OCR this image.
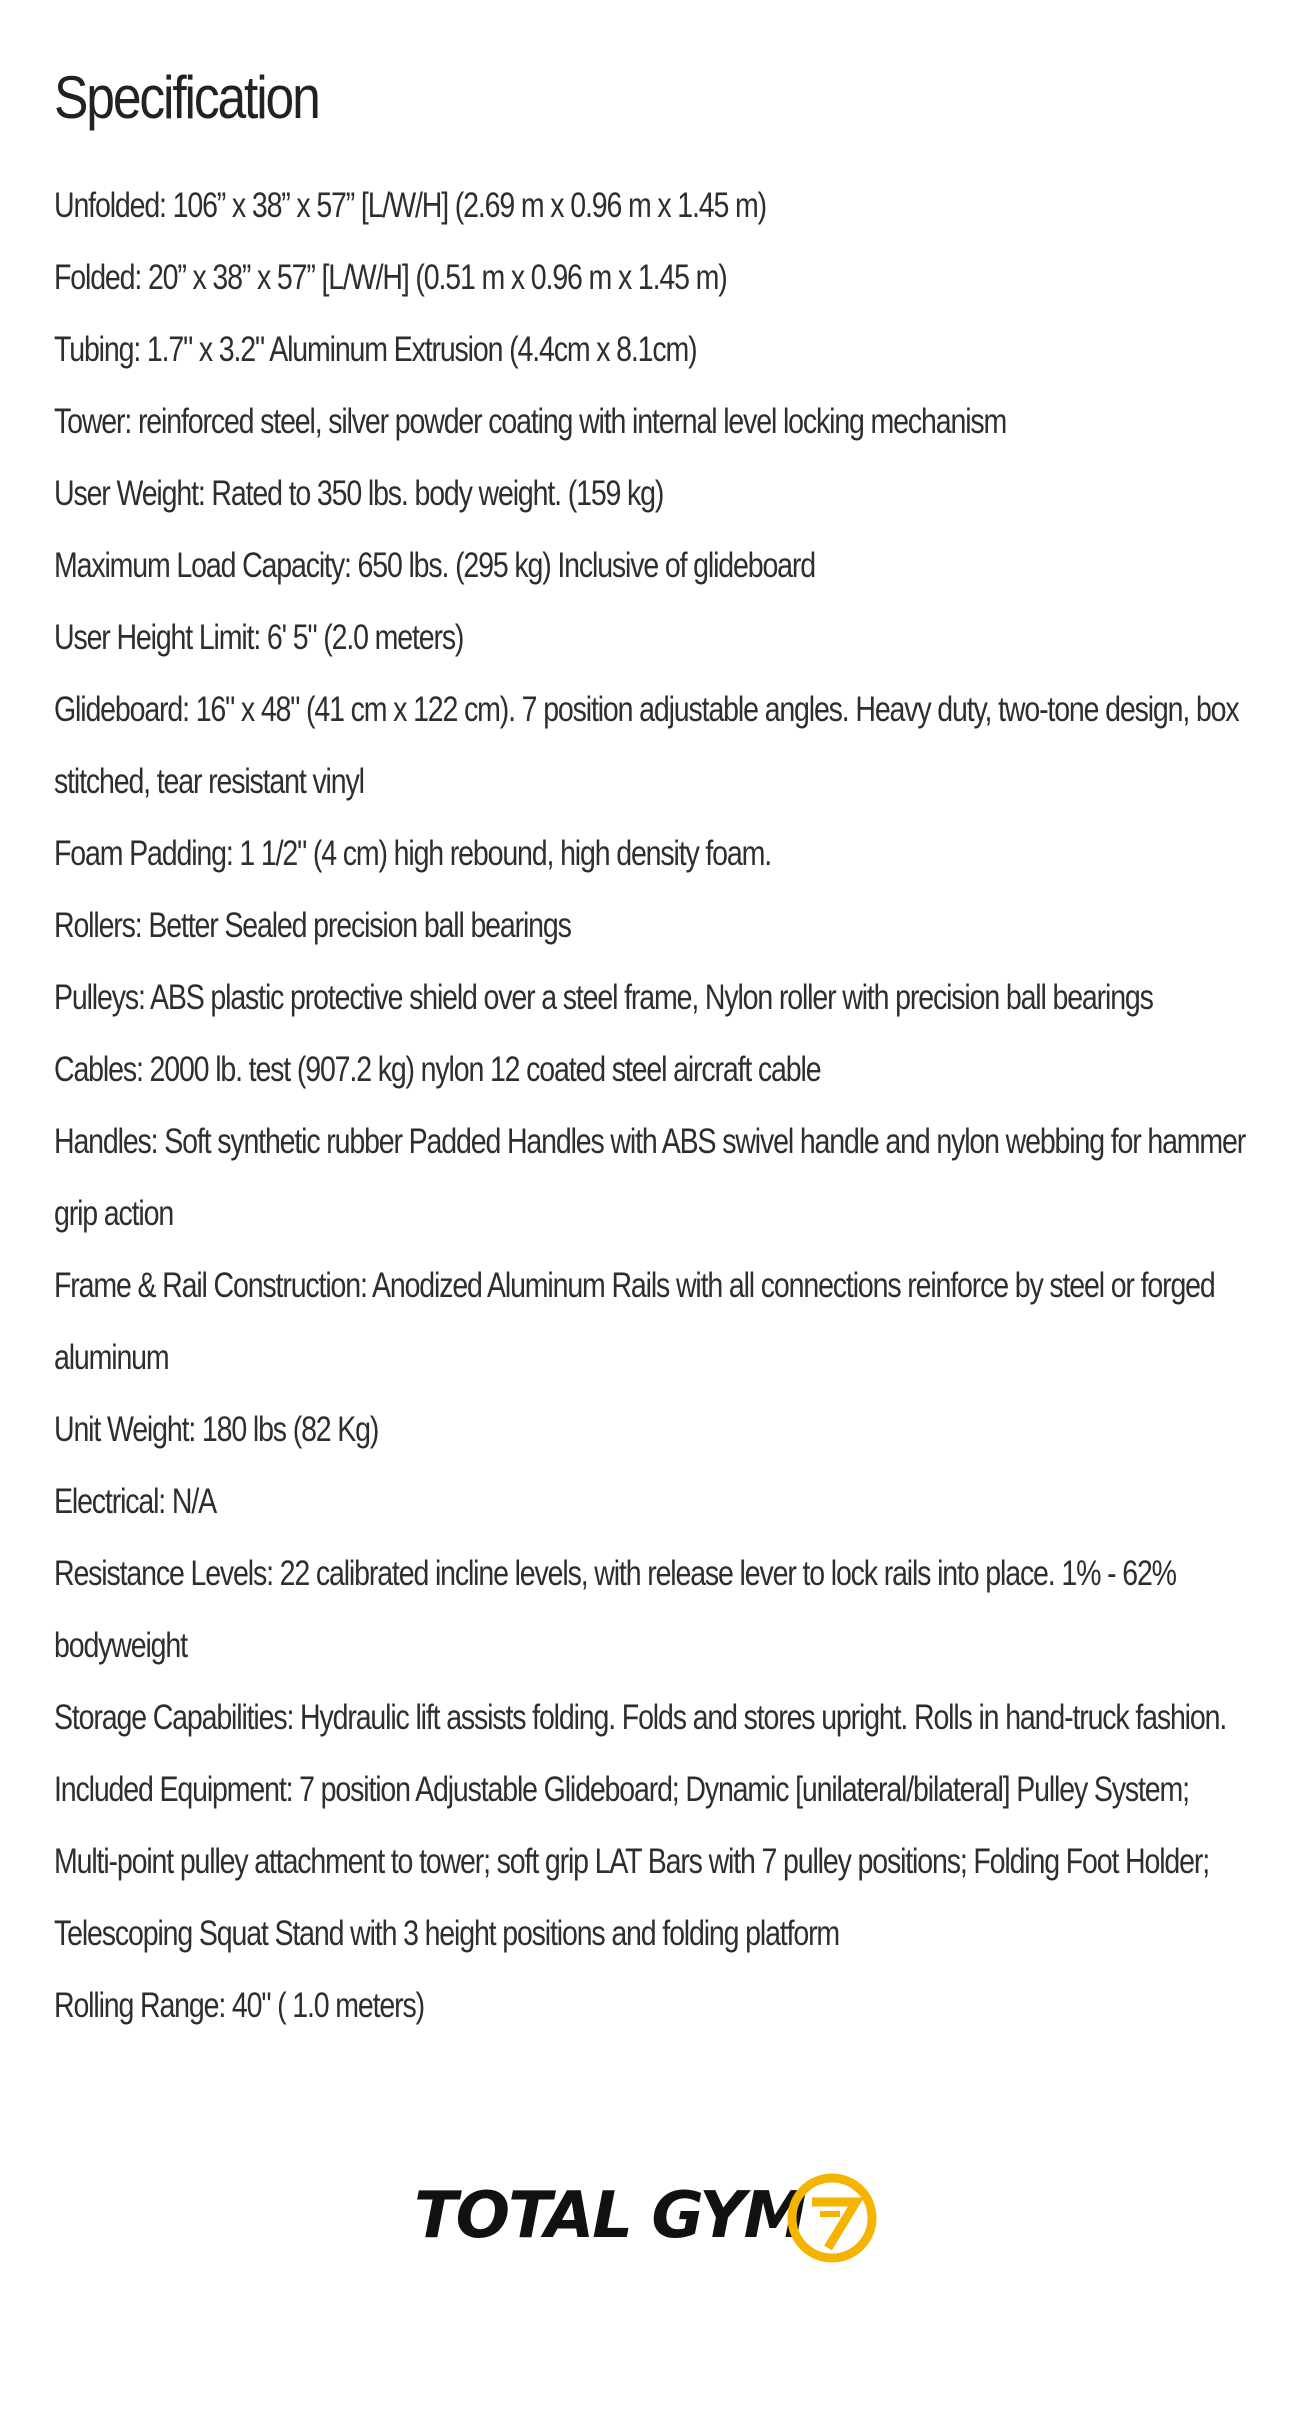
Specification
Unfolded: 106” x 38” x 57” [L/W/H] (2.69 m x 0.96 m x 1.45 m)
Folded: 20” x 38” x 57” [L/W/H] (0.51 m x 0.96 m x 1.45 m)
Tubing: 1.7" x 3.2" Aluminum Extrusion (4.4cm x 8.1cm)
Tower: reinforced steel, silver powder coating with internal level locking mechanism
User Weight: Rated to 350 lbs. body weight. (159 kg)
Maximum Load Capacity: 650 lbs. (295 kg) Inclusive of glideboard
User Height Limit: 6' 5" (2.0 meters)
Glideboard: 16" x 48" (41 cm x 122 cm). 7 position adjustable angles. Heavy duty, two-tone design, box
stitched, tear resistant vinyl
Foam Padding: 1 1/2" (4 cm) high rebound, high density foam.
Rollers: Better Sealed precision ball bearings
Pulleys: ABS plastic protective shield over a steel frame, Nylon roller with precision ball bearings
Cables: 2000 lb. test (907.2 kg) nylon 12 coated steel aircraft cable
Handles: Soft synthetic rubber Padded Handles with ABS swivel handle and nylon webbing for hammer
grip action
Frame & Rail Construction: Anodized Aluminum Rails with all connections reinforce by steel or forged
aluminum
Unit Weight: 180 lbs (82 Kg)
Electrical: N/A
Resistance Levels: 22 calibrated incline levels, with release lever to lock rails into place. 1% - 62%
bodyweight
Storage Capabilities: Hydraulic lift assists folding. Folds and stores upright. Rolls in hand-truck fashion.
Included Equipment: 7 position Adjustable Glideboard; Dynamic [unilateral/bilateral] Pulley System;
Multi-point pulley attachment to tower; soft grip LAT Bars with 7 pulley positions; Folding Foot Holder;
Telescoping Squat Stand with 3 height positions and folding platform
Rolling Range: 40" ( 1.0 meters)
TOTAL GYM
